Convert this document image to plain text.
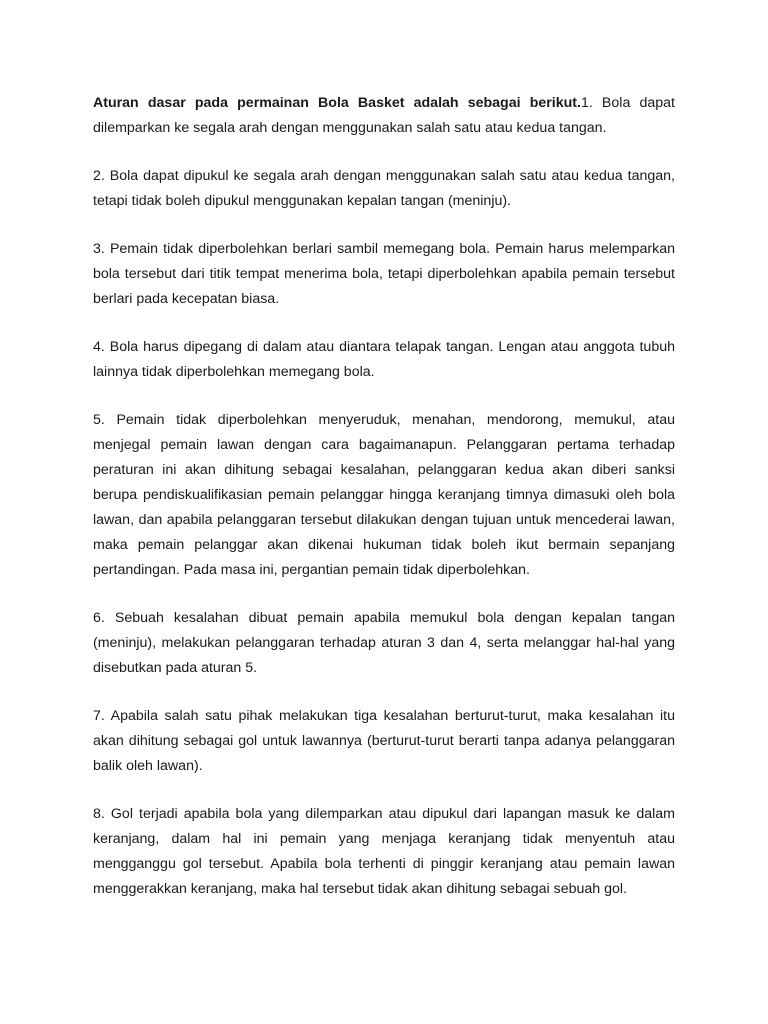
Aturan dasar pada permainan Bola Basket adalah sebagai berikut.1. Bola dapat dilemparkan ke segala arah dengan menggunakan salah satu atau kedua tangan.

2. Bola dapat dipukul ke segala arah dengan menggunakan salah satu atau kedua tangan, tetapi tidak boleh dipukul menggunakan kepalan tangan (meninju).

3. Pemain tidak diperbolehkan berlari sambil memegang bola. Pemain harus melemparkan bola tersebut dari titik tempat menerima bola, tetapi diperbolehkan apabila pemain tersebut berlari pada kecepatan biasa.

4. Bola harus dipegang di dalam atau diantara telapak tangan. Lengan atau anggota tubuh lainnya tidak diperbolehkan memegang bola.

5. Pemain tidak diperbolehkan menyeruduk, menahan, mendorong, memukul, atau menjegal pemain lawan dengan cara bagaimanapun. Pelanggaran pertama terhadap peraturan ini akan dihitung sebagai kesalahan, pelanggaran kedua akan diberi sanksi berupa pendiskualifikasian pemain pelanggar hingga keranjang timnya dimasuki oleh bola lawan, dan apabila pelanggaran tersebut dilakukan dengan tujuan untuk mencederai lawan, maka pemain pelanggar akan dikenai hukuman tidak boleh ikut bermain sepanjang pertandingan. Pada masa ini, pergantian pemain tidak diperbolehkan.

6. Sebuah kesalahan dibuat pemain apabila memukul bola dengan kepalan tangan (meninju), melakukan pelanggaran terhadap aturan 3 dan 4, serta melanggar hal-hal yang disebutkan pada aturan 5.

7. Apabila salah satu pihak melakukan tiga kesalahan berturut-turut, maka kesalahan itu akan dihitung sebagai gol untuk lawannya (berturut-turut berarti tanpa adanya pelanggaran balik oleh lawan).

8. Gol terjadi apabila bola yang dilemparkan atau dipukul dari lapangan masuk ke dalam keranjang, dalam hal ini pemain yang menjaga keranjang tidak menyentuh atau mengganggu gol tersebut. Apabila bola terhenti di pinggir keranjang atau pemain lawan menggerakkan keranjang, maka hal tersebut tidak akan dihitung sebagai sebuah gol.
